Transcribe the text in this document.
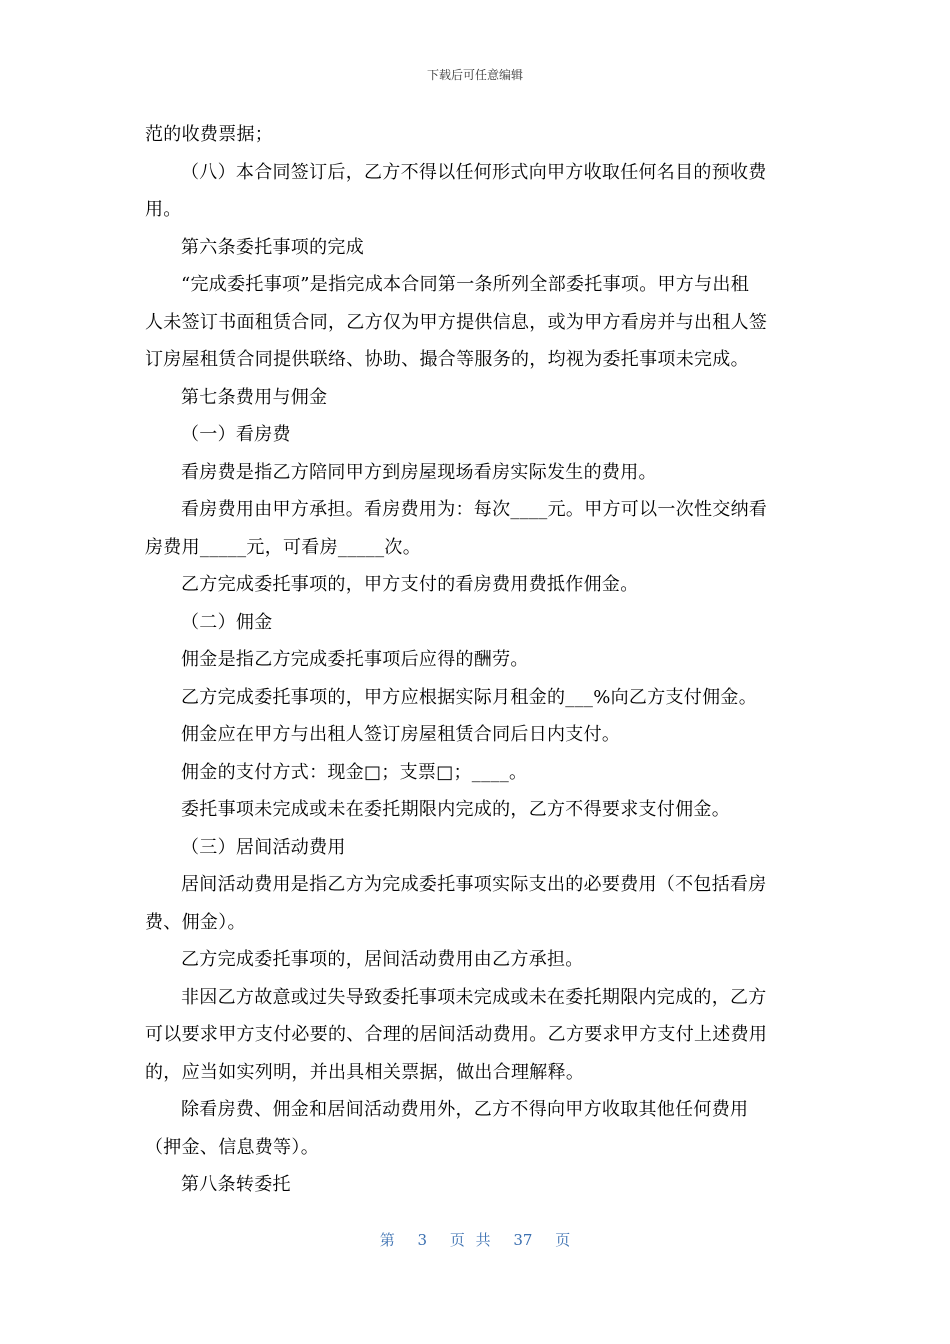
下载后可任意编辑
范的收费票据；
（八）本合同签订后，乙方不得以任何形式向甲方收取任何名目的预收费
用。
第六条委托事项的完成
“完成委托事项”是指完成本合同第一条所列全部委托事项。甲方与出租
人未签订书面租赁合同，乙方仅为甲方提供信息，或为甲方看房并与出租人签
订房屋租赁合同提供联络、协助、撮合等服务的，均视为委托事项未完成。
第七条费用与佣金
（一）看房费
看房费是指乙方陪同甲方到房屋现场看房实际发生的费用。
看房费用由甲方承担。看房费用为：每次____元。甲方可以一次性交纳看
房费用_____元，可看房_____次。
乙方完成委托事项的，甲方支付的看房费用费抵作佣金。
（二）佣金
佣金是指乙方完成委托事项后应得的酬劳。
乙方完成委托事项的，甲方应根据实际月租金的___%向乙方支付佣金。
佣金应在甲方与出租人签订房屋租赁合同后日内支付。
佣金的支付方式：现金□；支票□；____。
委托事项未完成或未在委托期限内完成的，乙方不得要求支付佣金。
（三）居间活动费用
居间活动费用是指乙方为完成委托事项实际支出的必要费用（不包括看房
费、佣金）。
乙方完成委托事项的，居间活动费用由乙方承担。
非因乙方故意或过失导致委托事项未完成或未在委托期限内完成的，乙方
可以要求甲方支付必要的、合理的居间活动费用。乙方要求甲方支付上述费用
的，应当如实列明，并出具相关票据，做出合理解释。
除看房费、佣金和居间活动费用外，乙方不得向甲方收取其他任何费用
（押金、信息费等）。
第八条转委托
第 3 页 共 37 页
